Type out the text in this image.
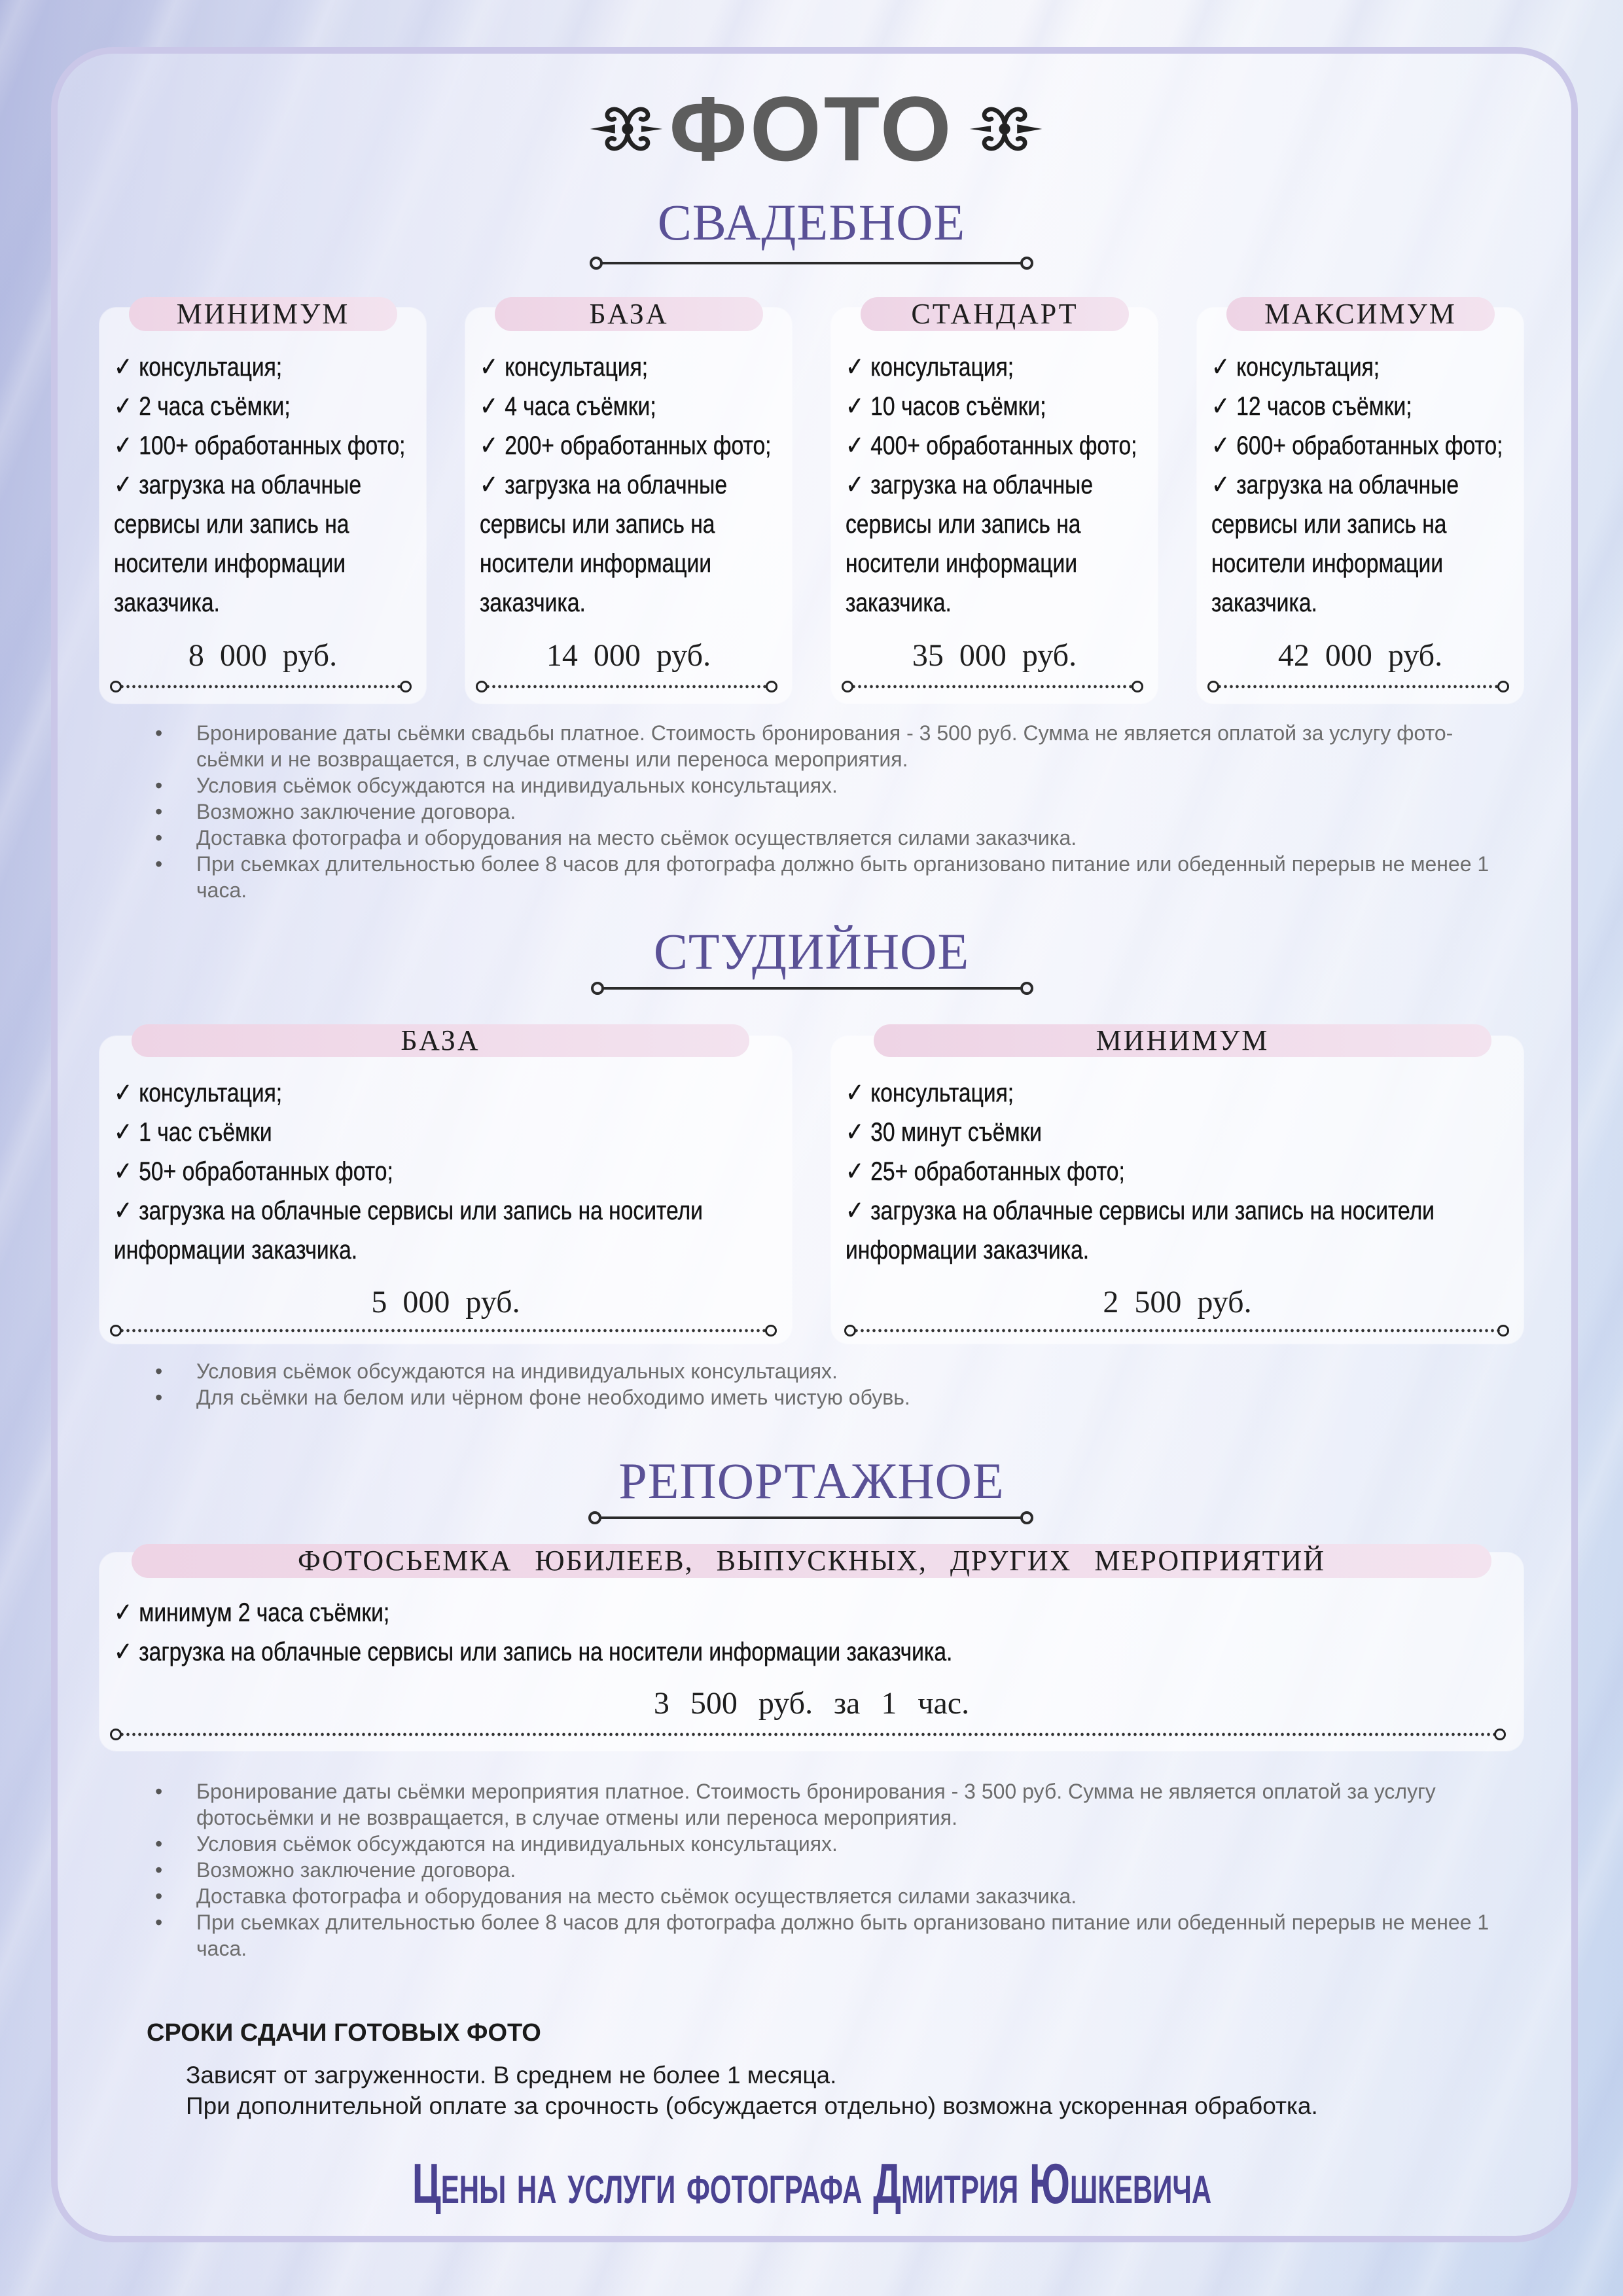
ФОТО
СВАДЕБНОЕ
МИНИМУМ
✓ консультация;
✓ 2 часа съёмки;
✓ 100+ обработанных фото;
✓ загрузка на облачные сервисы или запись на носители информации заказчика.
8 000 руб.
БАЗА
✓ консультация;
✓ 4 часа съёмки;
✓ 200+ обработанных фото;
✓ загрузка на облачные сервисы или запись на носители информации заказчика.
14 000 руб.
СТАНДАРТ
✓ консультация;
✓ 10 часов съёмки;
✓ 400+ обработанных фото;
✓ загрузка на облачные сервисы или запись на носители информации заказчика.
35 000 руб.
МАКСИМУМ
✓ консультация;
✓ 12 часов съёмки;
✓ 600+ обработанных фото;
✓ загрузка на облачные сервисы или запись на носители информации заказчика.
42 000 руб.
• Бронирование даты сьёмки свадьбы платное. Стоимость бронирования - 3 500 руб. Сумма не является оплатой за услугу фото-сьёмки и не возвращается, в случае отмены или переноса мероприятия.
• Условия сьёмок обсуждаются на индивидуальных консультациях.
• Возможно заключение договора.
• Доставка фотографа и оборудования на место сьёмок осуществляется силами заказчика.
• При сьемках длительностью более 8 часов для фотографа должно быть организовано питание или обеденный перерыв не менее 1 часа.
СТУДИЙНОЕ
БАЗА
✓ консультация;
✓ 1 час съёмки
✓ 50+ обработанных фото;
✓ загрузка на облачные сервисы или запись на носители информации заказчика.
5 000 руб.
МИНИМУМ
✓ консультация;
✓ 30 минут съёмки
✓ 25+ обработанных фото;
✓ загрузка на облачные сервисы или запись на носители информации заказчика.
2 500 руб.
• Условия сьёмок обсуждаются на индивидуальных консультациях.
• Для сьёмки на белом или чёрном фоне необходимо иметь чистую обувь.
РЕПОРТАЖНОЕ
ФОТОСЬЕМКА ЮБИЛЕЕВ, ВЫПУСКНЫХ, ДРУГИХ МЕРОПРИЯТИЙ
✓ минимум 2 часа съёмки;
✓ загрузка на облачные сервисы или запись на носители информации заказчика.
3 500 руб. за 1 час.
• Бронирование даты сьёмки мероприятия платное. Стоимость бронирования - 3 500 руб. Сумма не является оплатой за услугу фотосьёмки и не возвращается, в случае отмены или переноса мероприятия.
• Условия сьёмок обсуждаются на индивидуальных консультациях.
• Возможно заключение договора.
• Доставка фотографа и оборудования на место сьёмок осуществляется силами заказчика.
• При сьемках длительностью более 8 часов для фотографа должно быть организовано питание или обеденный перерыв не менее 1 часа.
СРОКИ СДАЧИ ГОТОВЫХ ФОТО
Зависят от загруженности. В среднем не более 1 месяца.
При дополнительной оплате за срочность (обсуждается отдельно) возможна ускоренная обработка.
Цены на услуги фотографа Дмитрия Юшкевича
